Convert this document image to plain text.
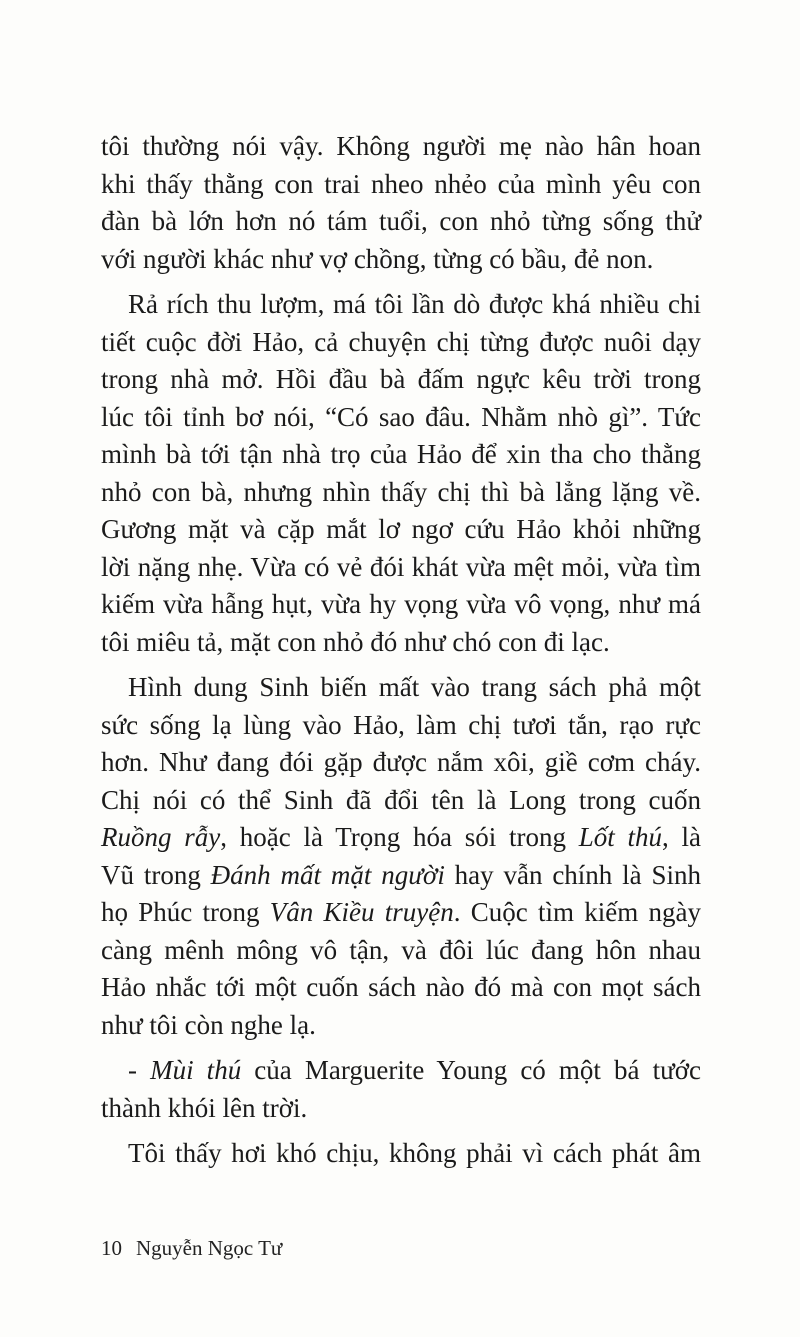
tôi thường nói vậy. Không người mẹ nào hân hoan
khi thấy thằng con trai nheo nhẻo của mình yêu con
đàn bà lớn hơn nó tám tuổi, con nhỏ từng sống thử
với người khác như vợ chồng, từng có bầu, đẻ non.
Rả rích thu lượm, má tôi lần dò được khá nhiều chi
tiết cuộc đời Hảo, cả chuyện chị từng được nuôi dạy
trong nhà mở. Hồi đầu bà đấm ngực kêu trời trong
lúc tôi tỉnh bơ nói, “Có sao đâu. Nhằm nhò gì”. Tức
mình bà tới tận nhà trọ của Hảo để xin tha cho thằng
nhỏ con bà, nhưng nhìn thấy chị thì bà lẳng lặng về.
Gương mặt và cặp mắt lơ ngơ cứu Hảo khỏi những
lời nặng nhẹ. Vừa có vẻ đói khát vừa mệt mỏi, vừa tìm
kiếm vừa hẫng hụt, vừa hy vọng vừa vô vọng, như má
tôi miêu tả, mặt con nhỏ đó như chó con đi lạc.
Hình dung Sinh biến mất vào trang sách phả một
sức sống lạ lùng vào Hảo, làm chị tươi tắn, rạo rực
hơn. Như đang đói gặp được nắm xôi, giề cơm cháy.
Chị nói có thể Sinh đã đổi tên là Long trong cuốn
Ruồng rẫy, hoặc là Trọng hóa sói trong Lốt thú, là
Vũ trong Đánh mất mặt người hay vẫn chính là Sinh
họ Phúc trong Vân Kiều truyện. Cuộc tìm kiếm ngày
càng mênh mông vô tận, và đôi lúc đang hôn nhau
Hảo nhắc tới một cuốn sách nào đó mà con mọt sách
như tôi còn nghe lạ.
- Mùi thú của Marguerite Young có một bá tước
thành khói lên trời.
Tôi thấy hơi khó chịu, không phải vì cách phát âm
10 Nguyễn Ngọc Tư
